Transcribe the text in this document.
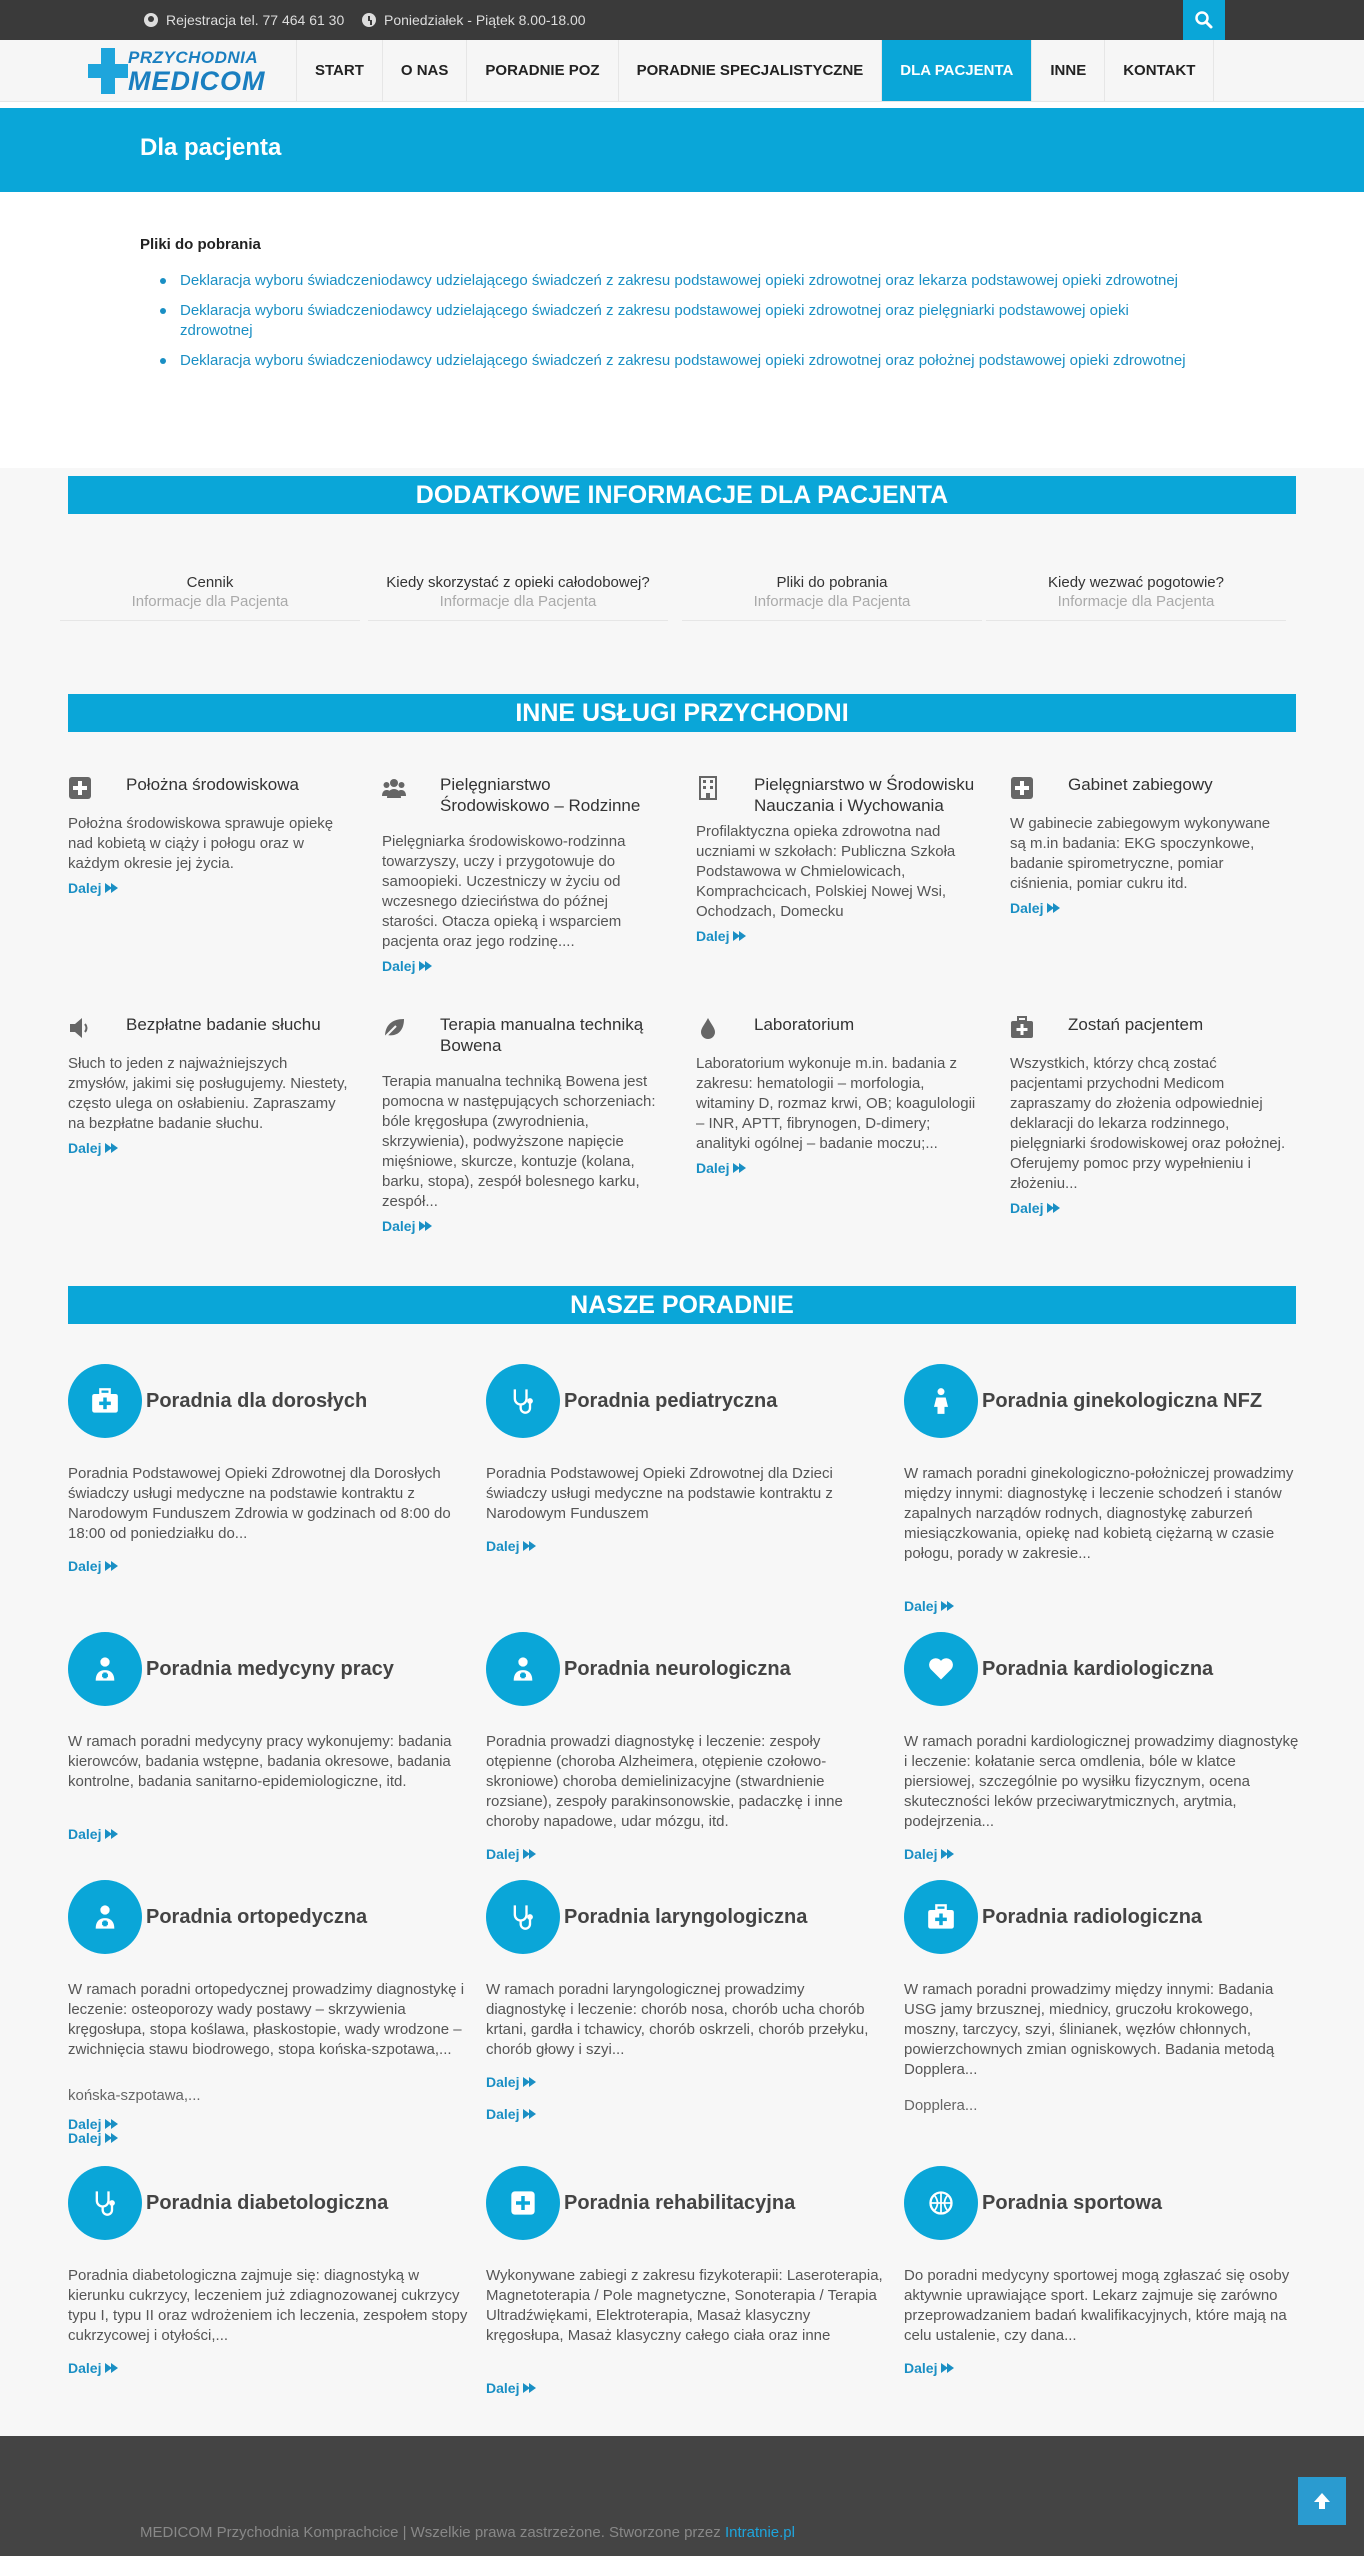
Rejestracja tel. 77 464 61 30	Poniedziałek - Piątek 8.00-18.00
PRZYCHODNIA
MEDICOM	START	O NAS	PORADNIE POZ	PORADNIE SPECJALISTYCZNE	DLA PACJENTA	INNE	KONTAKT
Dla pacjenta
Pliki do pobrania
Deklaracja wyboru świadczeniodawcy udzielającego świadczeń z zakresu podstawowej opieki zdrowotnej oraz lekarza podstawowej opieki zdrowotnej
Deklaracja wyboru świadczeniodawcy udzielającego świadczeń z zakresu podstawowej opieki zdrowotnej oraz pielęgniarki podstawowej opieki zdrowotnej
Deklaracja wyboru świadczeniodawcy udzielającego świadczeń z zakresu podstawowej opieki zdrowotnej oraz położnej podstawowej opieki zdrowotnej
DODATKOWE INFORMACJE DLA PACJENTA
Cennik
Informacje dla Pacjenta
Kiedy skorzystać z opieki całodobowej?
Informacje dla Pacjenta
Pliki do pobrania
Informacje dla Pacjenta
Kiedy wezwać pogotowie?
Informacje dla Pacjenta
INNE USŁUGI PRZYCHODNI
Położna środowiskowa

Położna środowiskowa sprawuje opiekę nad kobietą w ciąży i połogu oraz w każdym okresie jej życia.

Dalej
Pielęgniarstwo Środowiskowo – Rodzinne

Pielęgniarka środowiskowo-rodzinna towarzyszy, uczy i przygotowuje do samoopieki. Uczestniczy w życiu od wczesnego dzieciństwa do późnej starości. Otacza opieką i wsparciem pacjenta oraz jego rodzinę....

Dalej
Pielęgniarstwo w Środowisku Nauczania i Wychowania

Profilaktyczna opieka zdrowotna nad uczniami w szkołach: Publiczna Szkoła Podstawowa w Chmielowicach, Komprachcicach, Polskiej Nowej Wsi, Ochodzach, Domecku

Dalej
Gabinet zabiegowy

W gabinecie zabiegowym wykonywane są m.in badania: EKG spoczynkowe, badanie spirometryczne, pomiar ciśnienia, pomiar cukru itd.

Dalej
Bezpłatne badanie słuchu

Słuch to jeden z najważniejszych zmysłów, jakimi się posługujemy. Niestety, często ulega on osłabieniu. Zapraszamy na bezpłatne badanie słuchu.

Dalej
Terapia manualna techniką Bowena

Terapia manualna techniką Bowena jest pomocna w następujących schorzeniach: bóle kręgosłupa (zwyrodnienia, skrzywienia), podwyższone napięcie mięśniowe, skurcze, kontuzje (kolana, barku, stopa), zespół bolesnego karku, zespół...

Dalej
Laboratorium

Laboratorium wykonuje m.in. badania z zakresu: hematologii – morfologia, witaminy D, rozmaz krwi, OB; koagulologii – INR, APTT, fibrynogen, D-dimery; analityki ogólnej – badanie moczu;...

Dalej
Zostań pacjentem

Wszystkich, którzy chcą zostać pacjentami przychodni Medicom zapraszamy do złożenia odpowiedniej deklaracji do lekarza rodzinnego, pielęgniarki środowiskowej oraz położnej. Oferujemy pomoc przy wypełnieniu i złożeniu...

Dalej
NASZE PORADNIE
Poradnia dla dorosłych

Poradnia Podstawowej Opieki Zdrowotnej dla Dorosłych świadczy usługi medyczne na podstawie kontraktu z Narodowym Funduszem Zdrowia w godzinach od 8:00 do 18:00 od poniedziałku do...

Dalej
Poradnia pediatryczna

Poradnia Podstawowej Opieki Zdrowotnej dla Dzieci świadczy usługi medyczne na podstawie kontraktu z Narodowym Funduszem

Dalej
Poradnia ginekologiczna NFZ

W ramach poradni ginekologiczno-położniczej prowadzimy między innymi: diagnostykę i leczenie schodzeń i stanów zapalnych narządów rodnych, diagnostykę zaburzeń miesiączkowania, opiekę nad kobietą ciężarną w czasie połogu, porady w zakresie...

Dalej
Poradnia medycyny pracy

W ramach poradni medycyny pracy wykonujemy: badania kierowców, badania wstępne, badania okresowe, badania kontrolne, badania sanitarno-epidemiologiczne, itd.

Dalej
Poradnia neurologiczna

Poradnia prowadzi diagnostykę i leczenie: zespoły otępienne (choroba Alzheimera, otępienie czołowo-skroniowe) choroba demielinizacyjne (stwardnienie rozsiane), zespoły parakinsonowskie, padaczkę i inne choroby napadowe, udar mózgu, itd.

Dalej
Poradnia kardiologiczna

W ramach poradni kardiologicznej prowadzimy diagnostykę i leczenie: kołatanie serca omdlenia, bóle w klatce piersiowej, szczególnie po wysiłku fizycznym, ocena skuteczności leków przeciwarytmicznych, arytmia, podejrzenia...

Dalej
Poradnia ortopedyczna

W ramach poradni ortopedycznej prowadzimy diagnostykę i leczenie: osteoporozy wady postawy – skrzywienia kręgosłupa, stopa koślawa, płaskostopie, wady wrodzone – zwichnięcia stawu biodrowego, stopa końska-szpotawa,...

Dalej
Poradnia laryngologiczna

W ramach poradni laryngologicznej prowadzimy diagnostykę i leczenie: chorób nosa, chorób ucha chorób krtani, gardła i tchawicy, chorób oskrzeli, chorób przełyku, chorób głowy i szyi...

Dalej
Poradnia radiologiczna

W ramach poradni prowadzimy między innymi: Badania USG jamy brzusznej, miednicy, gruczołu krokowego, moszny, tarczycy, szyi, ślinianek, węzłów chłonnych, powierzchownych zmian ogniskowych. Badania metodą Dopplera...

końska-szpotawa,...
Dalej
Dalej	Dopplera...
Poradnia diabetologiczna

Poradnia diabetologiczna zajmuje się: diagnostyką w kierunku cukrzycy, leczeniem już zdiagnozowanej cukrzycy typu I, typu II oraz wdrożeniem ich leczenia, zespołem stopy cukrzycowej i otyłości,...

Dalej
Poradnia rehabilitacyjna

Wykonywane zabiegi z zakresu fizykoterapii: Laseroterapia, Magnetoterapia / Pole magnetyczne, Sonoterapia / Terapia Ultradźwiękami, Elektroterapia, Masaż klasyczny kręgosłupa, Masaż klasyczny całego ciała oraz inne

Dalej
Poradnia sportowa

Do poradni medycyny sportowej mogą zgłaszać się osoby aktywnie uprawiające sport. Lekarz zajmuje się zarówno przeprowadzaniem badań kwalifikacyjnych, które mają na celu ustalenie, czy dana...

Dalej
MEDICOM Przychodnia Komprachcice | Wszelkie prawa zastrzeżone. Stworzone przez Intratnie.pl
